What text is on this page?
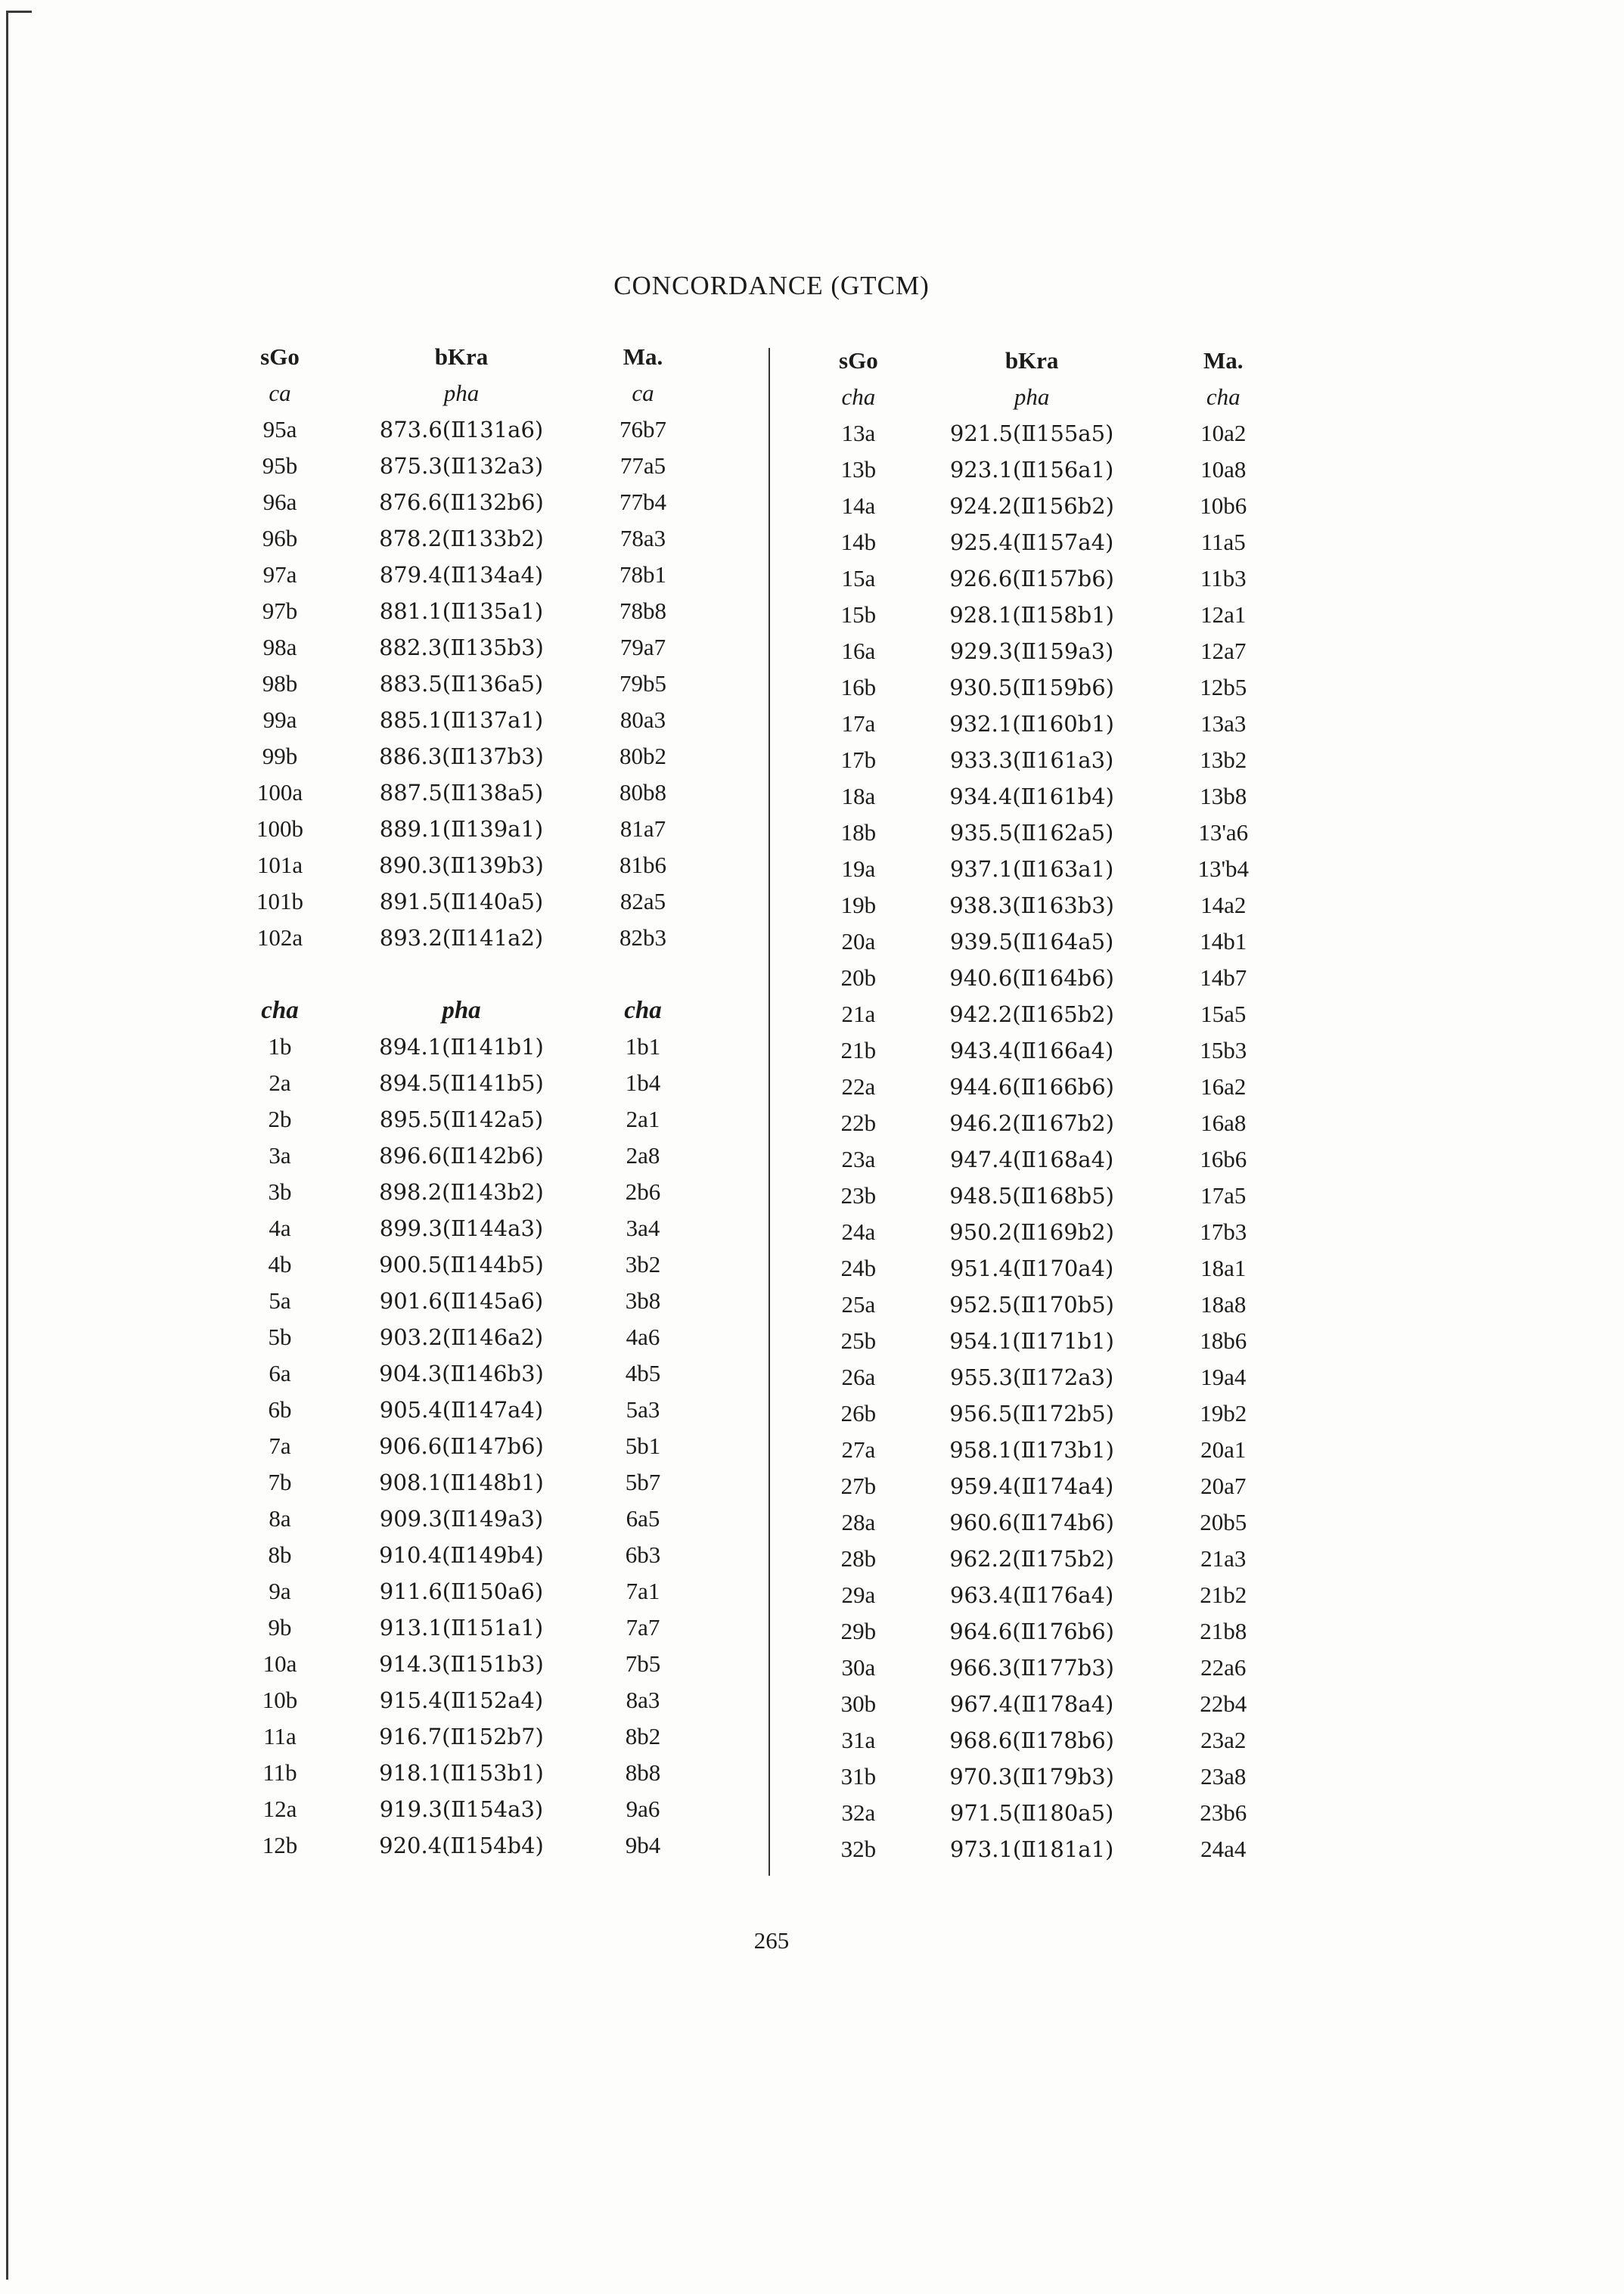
CONCORDANCE (GTCM)
sGo	bKra	Ma.
ca	pha	ca
95a	873.6(Ⅱ131a6)	76b7
95b	875.3(Ⅱ132a3)	77a5
96a	876.6(Ⅱ132b6)	77b4
96b	878.2(Ⅱ133b2)	78a3
97a	879.4(Ⅱ134a4)	78b1
97b	881.1(Ⅱ135a1)	78b8
98a	882.3(Ⅱ135b3)	79a7
98b	883.5(Ⅱ136a5)	79b5
99a	885.1(Ⅱ137a1)	80a3
99b	886.3(Ⅱ137b3)	80b2
100a	887.5(Ⅱ138a5)	80b8
100b	889.1(Ⅱ139a1)	81a7
101a	890.3(Ⅱ139b3)	81b6
101b	891.5(Ⅱ140a5)	82a5
102a	893.2(Ⅱ141a2)	82b3
cha	pha	cha
1b	894.1(Ⅱ141b1)	1b1
2a	894.5(Ⅱ141b5)	1b4
2b	895.5(Ⅱ142a5)	2a1
3a	896.6(Ⅱ142b6)	2a8
3b	898.2(Ⅱ143b2)	2b6
4a	899.3(Ⅱ144a3)	3a4
4b	900.5(Ⅱ144b5)	3b2
5a	901.6(Ⅱ145a6)	3b8
5b	903.2(Ⅱ146a2)	4a6
6a	904.3(Ⅱ146b3)	4b5
6b	905.4(Ⅱ147a4)	5a3
7a	906.6(Ⅱ147b6)	5b1
7b	908.1(Ⅱ148b1)	5b7
8a	909.3(Ⅱ149a3)	6a5
8b	910.4(Ⅱ149b4)	6b3
9a	911.6(Ⅱ150a6)	7a1
9b	913.1(Ⅱ151a1)	7a7
10a	914.3(Ⅱ151b3)	7b5
10b	915.4(Ⅱ152a4)	8a3
11a	916.7(Ⅱ152b7)	8b2
11b	918.1(Ⅱ153b1)	8b8
12a	919.3(Ⅱ154a3)	9a6
12b	920.4(Ⅱ154b4)	9b4
sGo	bKra	Ma.
cha	pha	cha
13a	921.5(Ⅱ155a5)	10a2
13b	923.1(Ⅱ156a1)	10a8
14a	924.2(Ⅱ156b2)	10b6
14b	925.4(Ⅱ157a4)	11a5
15a	926.6(Ⅱ157b6)	11b3
15b	928.1(Ⅱ158b1)	12a1
16a	929.3(Ⅱ159a3)	12a7
16b	930.5(Ⅱ159b6)	12b5
17a	932.1(Ⅱ160b1)	13a3
17b	933.3(Ⅱ161a3)	13b2
18a	934.4(Ⅱ161b4)	13b8
18b	935.5(Ⅱ162a5)	13'a6
19a	937.1(Ⅱ163a1)	13'b4
19b	938.3(Ⅱ163b3)	14a2
20a	939.5(Ⅱ164a5)	14b1
20b	940.6(Ⅱ164b6)	14b7
21a	942.2(Ⅱ165b2)	15a5
21b	943.4(Ⅱ166a4)	15b3
22a	944.6(Ⅱ166b6)	16a2
22b	946.2(Ⅱ167b2)	16a8
23a	947.4(Ⅱ168a4)	16b6
23b	948.5(Ⅱ168b5)	17a5
24a	950.2(Ⅱ169b2)	17b3
24b	951.4(Ⅱ170a4)	18a1
25a	952.5(Ⅱ170b5)	18a8
25b	954.1(Ⅱ171b1)	18b6
26a	955.3(Ⅱ172a3)	19a4
26b	956.5(Ⅱ172b5)	19b2
27a	958.1(Ⅱ173b1)	20a1
27b	959.4(Ⅱ174a4)	20a7
28a	960.6(Ⅱ174b6)	20b5
28b	962.2(Ⅱ175b2)	21a3
29a	963.4(Ⅱ176a4)	21b2
29b	964.6(Ⅱ176b6)	21b8
30a	966.3(Ⅱ177b3)	22a6
30b	967.4(Ⅱ178a4)	22b4
31a	968.6(Ⅱ178b6)	23a2
31b	970.3(Ⅱ179b3)	23a8
32a	971.5(Ⅱ180a5)	23b6
32b	973.1(Ⅱ181a1)	24a4
265
